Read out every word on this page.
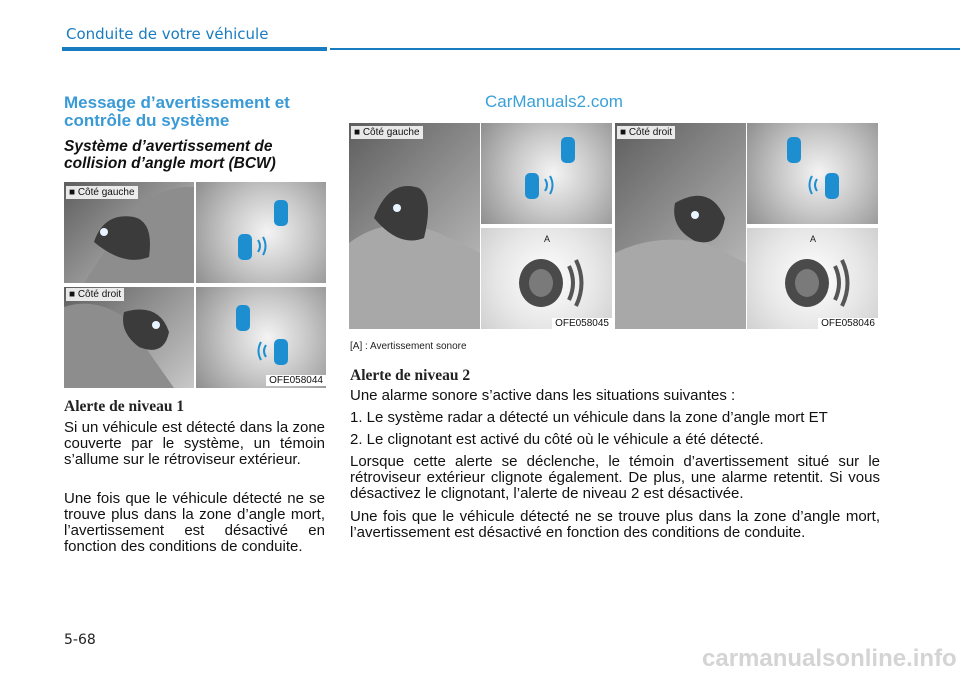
Conduite de votre véhicule
Message d’avertissement et contrôle du système
Système d’avertissement de collision d’angle mort (BCW)
CarManuals2.com
■ Côté gauche
■ Côté droit
OFE058044
■ Côté gauche
A
OFE058045
■ Côté droit
A
OFE058046
[A] : Avertissement sonore
Alerte de niveau 1
Si un véhicule est détecté dans la zone couverte par le système, un témoin s’allume sur le rétroviseur extérieur.
Une fois que le véhicule détecté ne se trouve plus dans la zone d’angle mort, l’avertissement est désactivé en fonction des conditions de conduite.
Alerte de niveau 2
Une alarme sonore s’active dans les situations suivantes :
1. Le système radar a détecté un véhicule dans la zone d’angle mort ET
2. Le clignotant est activé du côté où le véhicule a été détecté.
Lorsque cette alerte se déclenche, le témoin d’avertissement situé sur le rétroviseur extérieur clignote également. De plus, une alarme retentit. Si vous désactivez le clignotant, l’alerte de niveau 2 est désactivée.
Une fois que le véhicule détecté ne se trouve plus dans la zone d’angle mort, l’avertissement est désactivé en fonction des conditions de conduite.
5-68
carmanualsonline.info
